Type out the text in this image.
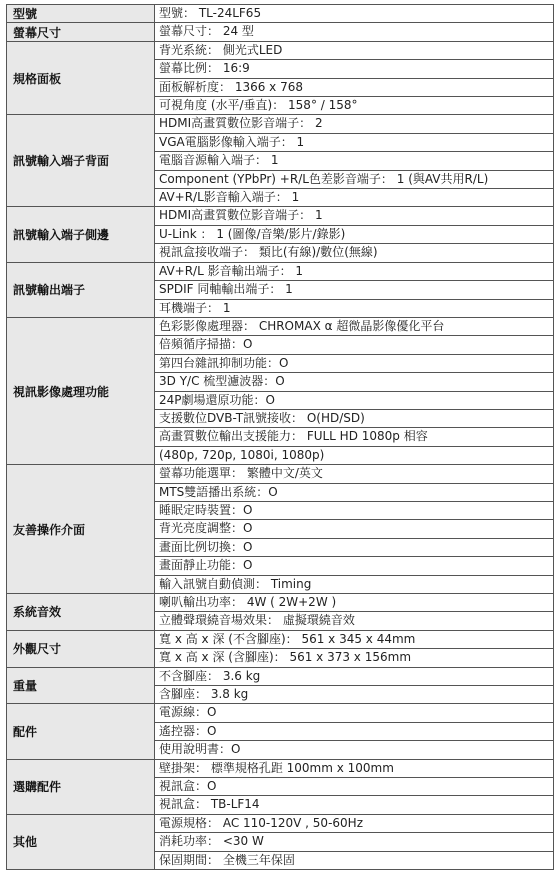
型號	型號： TL-24LF65
螢幕尺寸	螢幕尺寸： 24 型
規格面板	背光系統： 側光式LED
	螢幕比例： 16:9
	面板解析度： 1366 x 768
	可視角度 (水平/垂直)： 158° / 158°
訊號輸入端子背面	HDMI高畫質數位影音端子： 2
	VGA電腦影像輸入端子： 1
	電腦音源輸入端子： 1
	Component (YPbPr) +R/L色差影音端子： 1 (與AV共用R/L)
	AV+R/L影音輸入端子： 1
訊號輸入端子側邊	HDMI高畫質數位影音端子： 1
	U-Link ： 1 (圖像/音樂/影片/錄影)
	視訊盒接收端子： 類比(有線)/數位(無線)
訊號輸出端子	AV+R/L 影音輸出端子： 1
	SPDIF 同軸輸出端子： 1
	耳機端子： 1
視訊影像處理功能	色彩影像處理器： CHROMAX α 超微晶影像優化平台
	倍頻循序掃描：O
	第四台雜訊抑制功能：O
	3D Y/C 梳型濾波器：O
	24P劇場還原功能：O
	支援數位DVB-T訊號接收： O(HD/SD)
	高畫質數位輸出支援能力： FULL HD 1080p 相容
	(480p, 720p, 1080i, 1080p)
友善操作介面	螢幕功能選單： 繁體中文/英文
	MTS雙語播出系統：O
	睡眠定時裝置：O
	背光亮度調整：O
	畫面比例切換：O
	畫面靜止功能：O
	輸入訊號自動偵測： Timing
系統音效	喇叭輸出功率： 4W ( 2W+2W )
	立體聲環繞音場效果： 虛擬環繞音效
外觀尺寸	寬 x 高 x 深 (不含腳座)： 561 x 345 x 44mm
	寬 x 高 x 深 (含腳座)： 561 x 373 x 156mm
重量	不含腳座： 3.6 kg
	含腳座： 3.8 kg
配件	電源線：O
	遙控器：O
	使用說明書：O
選購配件	壁掛架： 標準規格孔距 100mm x 100mm
	視訊盒：O
	視訊盒： TB-LF14
其他	電源規格： AC 110-120V , 50-60Hz
	消耗功率： <30 W
	保固期間： 全機三年保固
